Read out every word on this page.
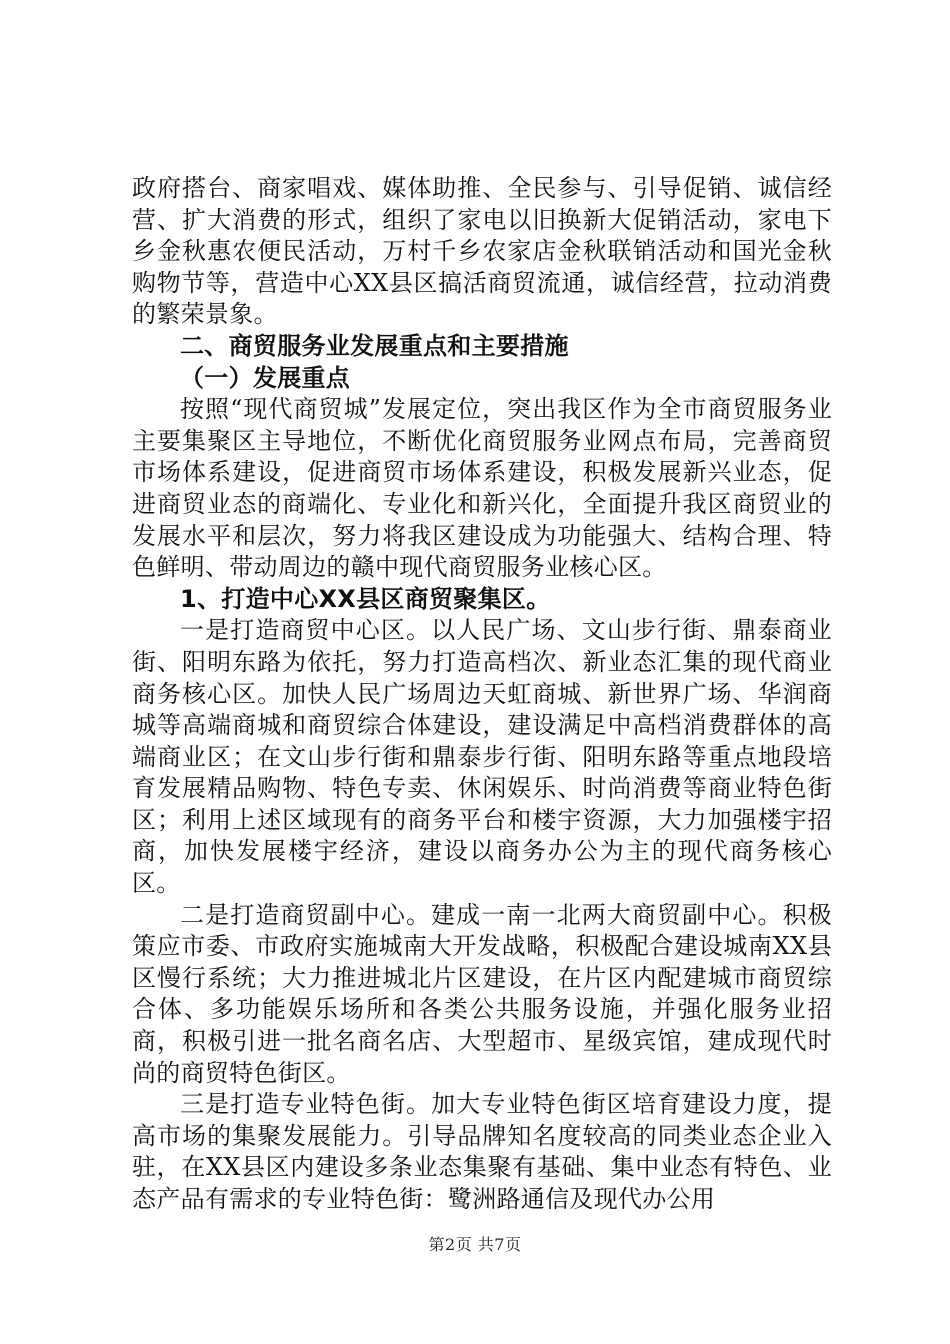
政府搭台、商家唱戏、媒体助推、全民参与、引导促销、诚信经营、扩大消费的形式，组织了家电以旧换新大促销活动，家电下乡金秋惠农便民活动，万村千乡农家店金秋联销活动和国光金秋购物节等，营造中心XX县区搞活商贸流通，诚信经营，拉动消费的繁荣景象。

二、商贸服务业发展重点和主要措施
（一）发展重点

按照“现代商贸城”发展定位，突出我区作为全市商贸服务业主要集聚区主导地位，不断优化商贸服务业网点布局，完善商贸市场体系建设，促进商贸市场体系建设，积极发展新兴业态，促进商贸业态的商端化、专业化和新兴化，全面提升我区商贸业的发展水平和层次，努力将我区建设成为功能强大、结构合理、特色鲜明、带动周边的赣中现代商贸服务业核心区。

1、打造中心XX县区商贸聚集区。

一是打造商贸中心区。以人民广场、文山步行街、鼎泰商业街、阳明东路为依托，努力打造高档次、新业态汇集的现代商业商务核心区。加快人民广场周边天虹商城、新世界广场、华润商城等高端商城和商贸综合体建设，建设满足中高档消费群体的高端商业区；在文山步行街和鼎泰步行街、阳明东路等重点地段培育发展精品购物、特色专卖、休闲娱乐、时尚消费等商业特色街区；利用上述区域现有的商务平台和楼宇资源，大力加强楼宇招商，加快发展楼宇经济，建设以商务办公为主的现代商务核心区。

二是打造商贸副中心。建成一南一北两大商贸副中心。积极策应市委、市政府实施城南大开发战略，积极配合建设城南XX县区慢行系统；大力推进城北片区建设，在片区内配建城市商贸综合体、多功能娱乐场所和各类公共服务设施，并强化服务业招商，积极引进一批名商名店、大型超市、星级宾馆，建成现代时尚的商贸特色街区。

三是打造专业特色街。加大专业特色街区培育建设力度，提高市场的集聚发展能力。引导品牌知名度较高的同类业态企业入驻，在XX县区内建设多条业态集聚有基础、集中业态有特色、业态产品有需求的专业特色街：鹭洲路通信及现代办公用

第2页 共7页
